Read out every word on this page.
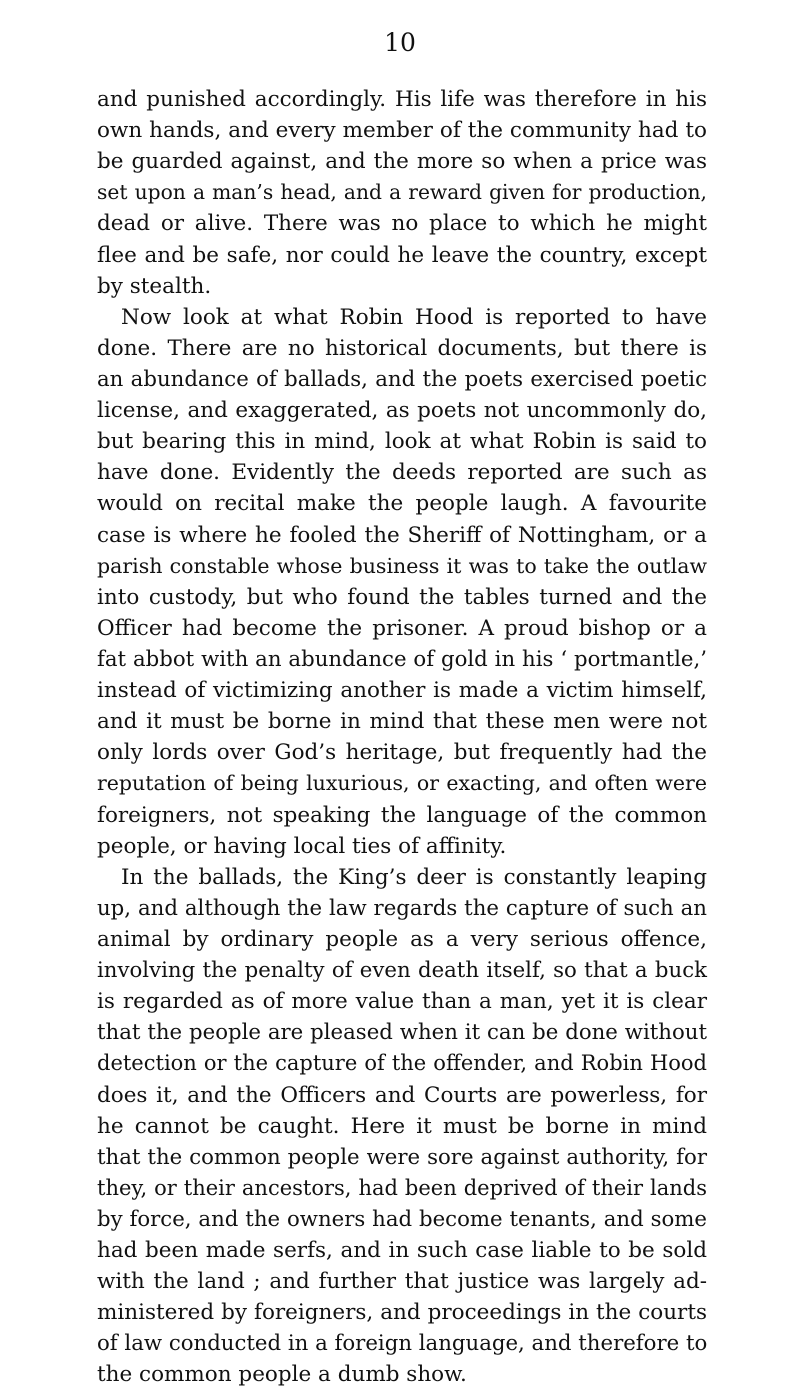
10
and punished accordingly. His life was therefore in his
own hands, and every member of the community had to
be guarded against, and the more so when a price was
set upon a man’s head, and a reward given for production,
dead or alive. There was no place to which he might
flee and be safe, nor could he leave the country, except
by stealth.
Now look at what Robin Hood is reported to have
done. There are no historical documents, but there is
an abundance of ballads, and the poets exercised poetic
license, and exaggerated, as poets not uncommonly do,
but bearing this in mind, look at what Robin is said to
have done. Evidently the deeds reported are such as
would on recital make the people laugh. A favourite
case is where he fooled the Sheriff of Nottingham, or a
parish constable whose business it was to take the outlaw
into custody, but who found the tables turned and the
Officer had become the prisoner. A proud bishop or a
fat abbot with an abundance of gold in his ‘ portmantle,’
instead of victimizing another is made a victim himself,
and it must be borne in mind that these men were not
only lords over God’s heritage, but frequently had the
reputation of being luxurious, or exacting, and often were
foreigners, not speaking the language of the common
people, or having local ties of affinity.
In the ballads, the King’s deer is constantly leaping
up, and although the law regards the capture of such an
animal by ordinary people as a very serious offence,
involving the penalty of even death itself, so that a buck
is regarded as of more value than a man, yet it is clear
that the people are pleased when it can be done without
detection or the capture of the offender, and Robin Hood
does it, and the Officers and Courts are powerless, for
he cannot be caught. Here it must be borne in mind
that the common people were sore against authority, for
they, or their ancestors, had been deprived of their lands
by force, and the owners had become tenants, and some
had been made serfs, and in such case liable to be sold
with the land ; and further that justice was largely ad-
ministered by foreigners, and proceedings in the courts
of law conducted in a foreign language, and therefore to
the common people a dumb show.
